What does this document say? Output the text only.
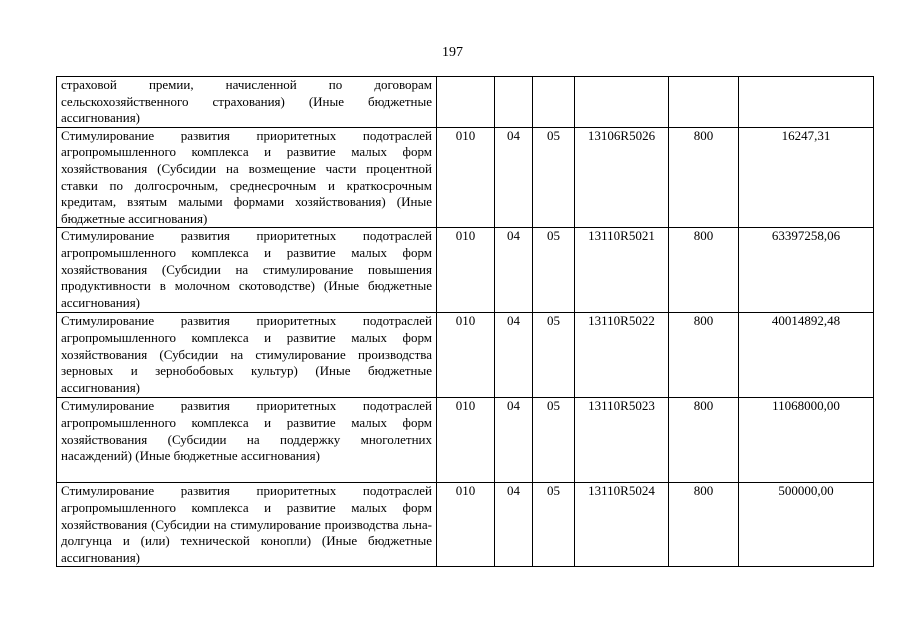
197
страховой премии, начисленной по договорам сельскохозяйственного страхования) (Иные бюджетные ассигнования)						
Стимулирование развития приоритетных подотраслей агропромышленного комплекса и развитие малых форм хозяйствования (Субсидии на возмещение части процентной ставки по долгосрочным, среднесрочным и краткосрочным кредитам, взятым малыми формами хозяйствования) (Иные бюджетные ассигнования)	010	04	05	13106R5026	800	16247,31
Стимулирование развития приоритетных подотраслей агропромышленного комплекса и развитие малых форм хозяйствования (Субсидии на стимулирование повышения продуктивности в молочном скотоводстве) (Иные бюджетные ассигнования)	010	04	05	13110R5021	800	63397258,06
Стимулирование развития приоритетных подотраслей агропромышленного комплекса и развитие малых форм хозяйствования (Субсидии на стимулирование производства зерновых и зернобобовых культур) (Иные бюджетные ассигнования)	010	04	05	13110R5022	800	40014892,48
Стимулирование развития приоритетных подотраслей агропромышленного комплекса и развитие малых форм хозяйствования (Субсидии на поддержку многолетних насаждений) (Иные бюджетные ассигнования)	010	04	05	13110R5023	800	11068000,00
Стимулирование развития приоритетных подотраслей агропромышленного комплекса и развитие малых форм хозяйствования (Субсидии на стимулирование производства льна-долгунца и (или) технической конопли) (Иные бюджетные ассигнования)	010	04	05	13110R5024	800	500000,00
